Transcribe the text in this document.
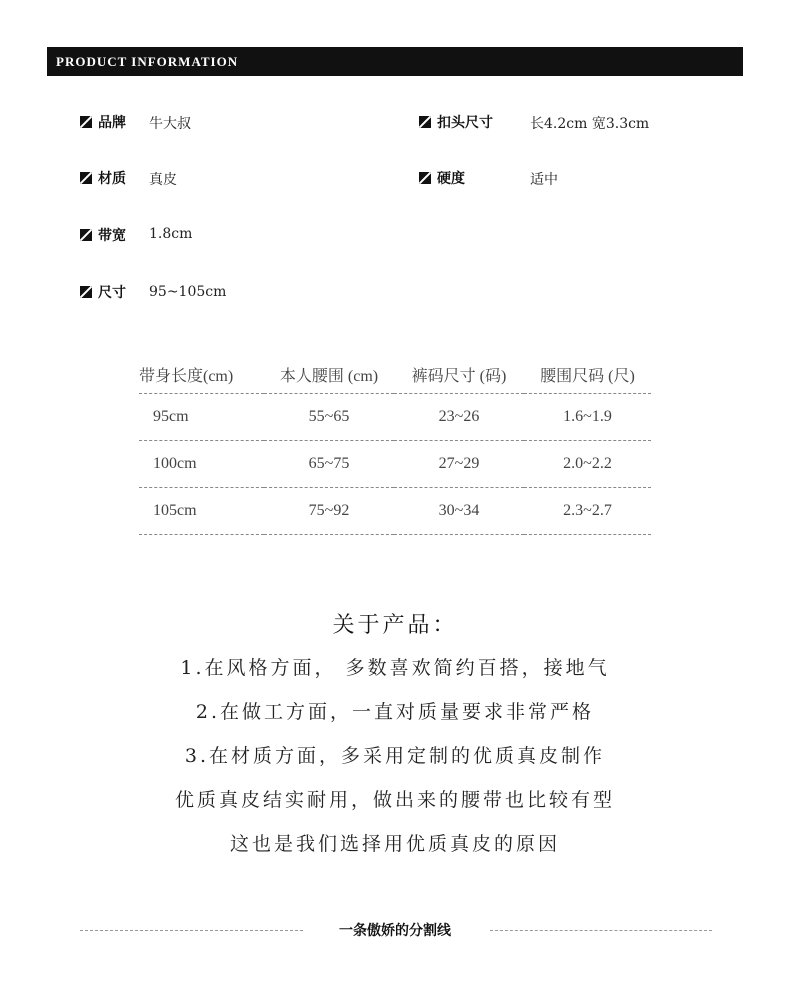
PRODUCT INFORMATION
品牌 牛大叔
材质 真皮
带宽 1.8cm
尺寸 95~105cm
扣头尺寸	长4.2cm 宽3.3cm
硬度	适中
带身长度(cm)	本人腰围 (cm)	裤码尺寸 (码)	腰围尺码 (尺)
95cm	55~65	23~26	1.6~1.9
100cm	65~75	27~29	2.0~2.2
105cm	75~92	30~34	2.3~2.7
关于产品：
1.在风格方面， 多数喜欢简约百搭，接地气
2.在做工方面，一直对质量要求非常严格
3.在材质方面，多采用定制的优质真皮制作
优质真皮结实耐用，做出来的腰带也比较有型
这也是我们选择用优质真皮的原因
一条傲娇的分割线
